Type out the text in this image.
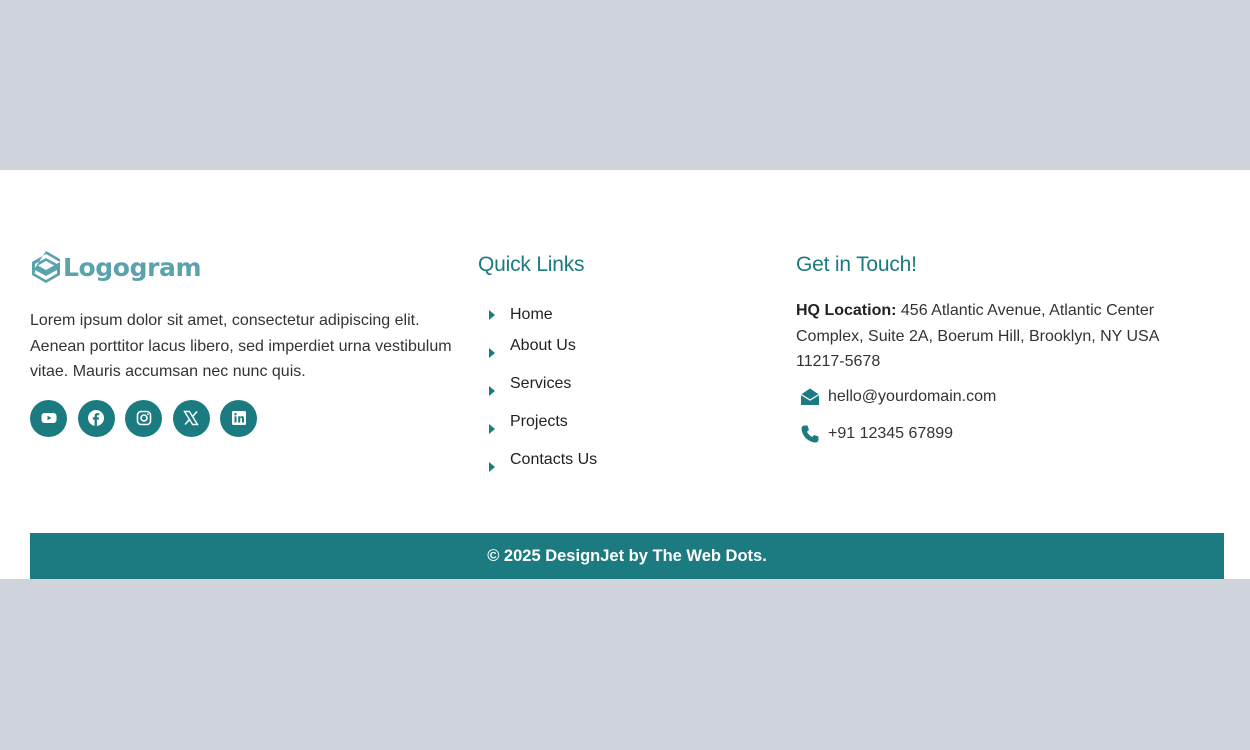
Logogram

Lorem ipsum dolor sit amet, consectetur adipiscing elit. Aenean porttitor lacus libero, sed imperdiet urna vestibulum vitae. Mauris accumsan nec nunc quis.

Quick Links
Home
About Us
Services
Projects
Contacts Us
Get in Touch!

HQ Location: 456 Atlantic Avenue, Atlantic Center Complex, Suite 2A, Boerum Hill, Brooklyn, NY USA 11217-5678

hello@yourdomain.com
+91 12345 67899
© 2025 DesignJet by The Web Dots.
